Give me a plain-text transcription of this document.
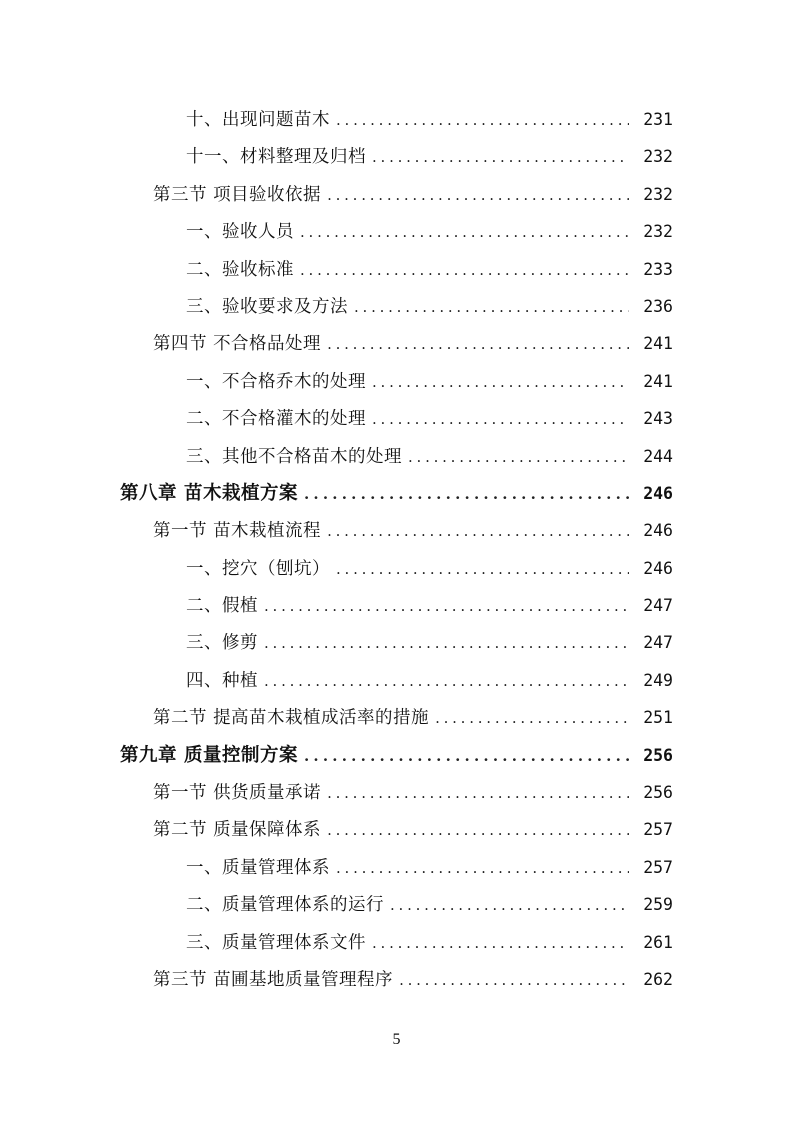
十、出现问题苗木 . . .	231
十一、材料整理及归档 . . .	232
第三节 项目验收依据 . . .	232
一、验收人员 . . .	232
二、验收标准 . . .	233
三、验收要求及方法 . . .	236
第四节 不合格品处理 . . .	241
一、不合格乔木的处理 . . .	241
二、不合格灌木的处理 . . .	243
三、其他不合格苗木的处理 . . .	244
第八章 苗木栽植方案 . . .	246
第一节 苗木栽植流程 . . .	246
一、挖穴（刨坑） . . .	246
二、假植 . . .	247
三、修剪 . . .	247
四、种植 . . .	249
第二节 提高苗木栽植成活率的措施 . . .	251
第九章 质量控制方案 . . .	256
第一节 供货质量承诺 . . .	256
第二节 质量保障体系 . . .	257
一、质量管理体系 . . .	257
二、质量管理体系的运行 . . .	259
三、质量管理体系文件 . . .	261
第三节 苗圃基地质量管理程序 . . .	262
5
